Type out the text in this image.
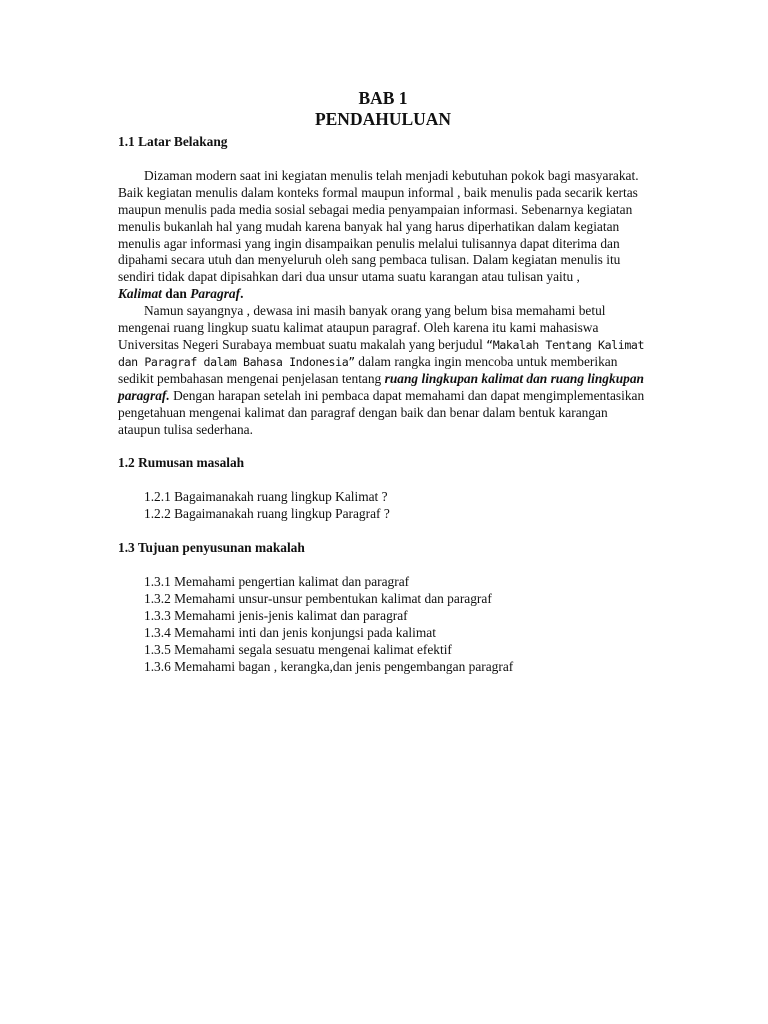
BAB 1
PENDAHULUAN

1.1 Latar Belakang

Dizaman modern saat ini kegiatan menulis telah menjadi kebutuhan pokok bagi masyarakat. Baik kegiatan menulis dalam konteks formal maupun informal , baik menulis pada secarik kertas maupun menulis pada media sosial sebagai media penyampaian informasi. Sebenarnya kegiatan menulis bukanlah hal yang mudah karena banyak hal yang harus diperhatikan dalam kegiatan menulis agar informasi yang ingin disampaikan penulis melalui tulisannya dapat diterima dan dipahami secara utuh dan menyeluruh oleh sang pembaca tulisan. Dalam kegiatan menulis itu sendiri tidak dapat dipisahkan dari dua unsur utama suatu karangan atau tulisan yaitu ,
Kalimat dan Paragraf.

Namun sayangnya , dewasa ini masih banyak orang yang belum bisa memahami betul mengenai ruang lingkup suatu kalimat ataupun paragraf. Oleh karena itu kami mahasiswa Universitas Negeri Surabaya membuat suatu makalah yang berjudul “Makalah Tentang Kalimat dan Paragraf dalam Bahasa Indonesia” dalam rangka ingin mencoba untuk memberikan sedikit pembahasan mengenai penjelasan tentang ruang lingkupan kalimat dan ruang lingkupan paragraf. Dengan harapan setelah ini pembaca dapat memahami dan dapat mengimplementasikan pengetahuan mengenai kalimat dan paragraf dengan baik dan benar dalam bentuk karangan ataupun tulisa sederhana.

1.2 Rumusan masalah

1.2.1 Bagaimanakah ruang lingkup Kalimat ?
1.2.2 Bagaimanakah ruang lingkup Paragraf ?

1.3 Tujuan penyusunan makalah

1.3.1 Memahami pengertian kalimat dan paragraf
1.3.2 Memahami unsur-unsur pembentukan kalimat dan paragraf
1.3.3 Memahami jenis-jenis kalimat dan paragraf
1.3.4 Memahami inti dan jenis konjungsi pada kalimat
1.3.5 Memahami segala sesuatu mengenai kalimat efektif
1.3.6 Memahami bagan , kerangka,dan jenis pengembangan paragraf
